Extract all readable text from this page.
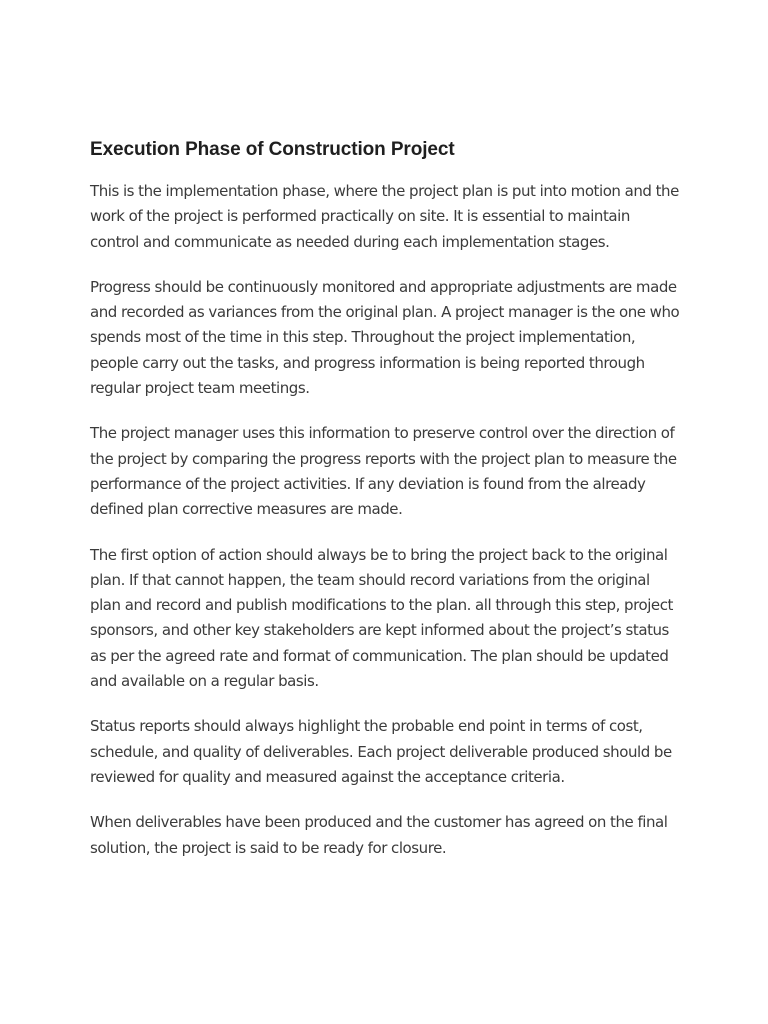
Execution Phase of Construction Project

This is the implementation phase, where the project plan is put into motion and the work of the project is performed practically on site. It is essential to maintain control and communicate as needed during each implementation stages.

Progress should be continuously monitored and appropriate adjustments are made and recorded as variances from the original plan. A project manager is the one who spends most of the time in this step. Throughout the project implementation, people carry out the tasks, and progress information is being reported through regular project team meetings.

The project manager uses this information to preserve control over the direction of the project by comparing the progress reports with the project plan to measure the performance of the project activities. If any deviation is found from the already defined plan corrective measures are made.

The first option of action should always be to bring the project back to the original plan. If that cannot happen, the team should record variations from the original plan and record and publish modifications to the plan. all through this step, project sponsors, and other key stakeholders are kept informed about the project’s status as per the agreed rate and format of communication. The plan should be updated and available on a regular basis.

Status reports should always highlight the probable end point in terms of cost, schedule, and quality of deliverables. Each project deliverable produced should be reviewed for quality and measured against the acceptance criteria.

When deliverables have been produced and the customer has agreed on the final solution, the project is said to be ready for closure.
